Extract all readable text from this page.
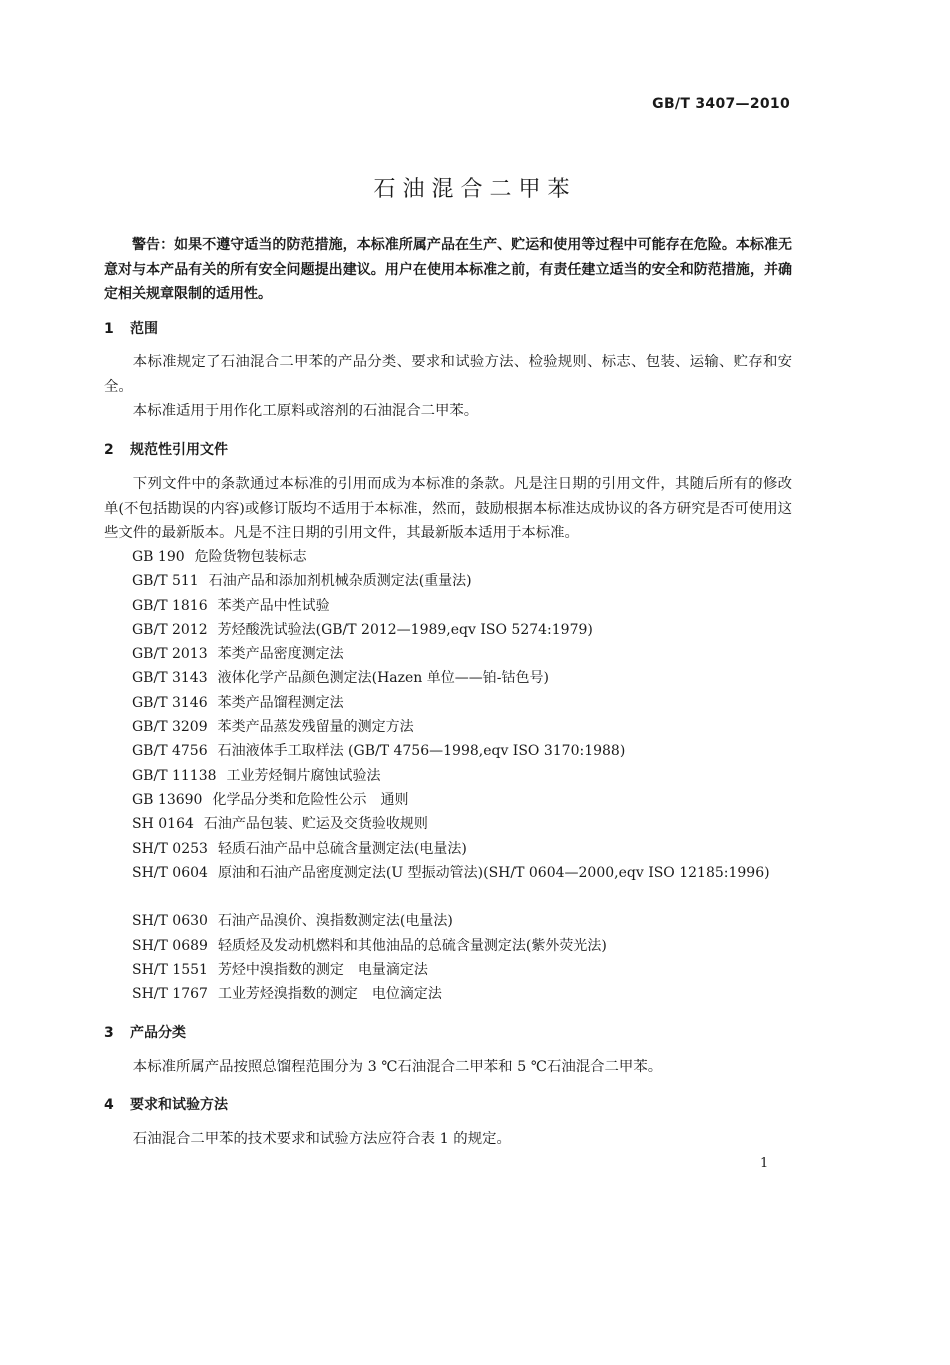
GB/T 3407—2010
石油混合二甲苯

警告：如果不遵守适当的防范措施，本标准所属产品在生产、贮运和使用等过程中可能存在危险。本标准无意对与本产品有关的所有安全问题提出建议。用户在使用本标准之前，有责任建立适当的安全和防范措施，并确定相关规章限制的适用性。

1 范围

本标准规定了石油混合二甲苯的产品分类、要求和试验方法、检验规则、标志、包装、运输、贮存和安全。

本标准适用于用作化工原料或溶剂的石油混合二甲苯。

2 规范性引用文件

下列文件中的条款通过本标准的引用而成为本标准的条款。凡是注日期的引用文件，其随后所有的修改单(不包括勘误的内容)或修订版均不适用于本标准，然而，鼓励根据本标准达成协议的各方研究是否可使用这些文件的最新版本。凡是不注日期的引用文件，其最新版本适用于本标准。

GB 190 危险货物包装标志
GB/T 511 石油产品和添加剂机械杂质测定法(重量法)
GB/T 1816 苯类产品中性试验
GB/T 2012 芳烃酸洗试验法(GB/T 2012—1989,eqv ISO 5274:1979)
GB/T 2013 苯类产品密度测定法
GB/T 3143 液体化学产品颜色测定法(Hazen 单位——铂-钴色号)
GB/T 3146 苯类产品馏程测定法
GB/T 3209 苯类产品蒸发残留量的测定方法
GB/T 4756 石油液体手工取样法 (GB/T 4756—1998,eqv ISO 3170:1988)
GB/T 11138 工业芳烃铜片腐蚀试验法
GB 13690 化学品分类和危险性公示　通则
SH 0164 石油产品包装、贮运及交货验收规则
SH/T 0253 轻质石油产品中总硫含量测定法(电量法)
SH/T 0604 原油和石油产品密度测定法(U 型振动管法)(SH/T 0604—2000,eqv ISO 12185:1996)
SH/T 0630 石油产品溴价、溴指数测定法(电量法)
SH/T 0689 轻质烃及发动机燃料和其他油品的总硫含量测定法(紫外荧光法)
SH/T 1551 芳烃中溴指数的测定　电量滴定法
SH/T 1767 工业芳烃溴指数的测定　电位滴定法
3 产品分类

本标准所属产品按照总馏程范围分为 3 ℃石油混合二甲苯和 5 ℃石油混合二甲苯。

4 要求和试验方法

石油混合二甲苯的技术要求和试验方法应符合表 1 的规定。

1
